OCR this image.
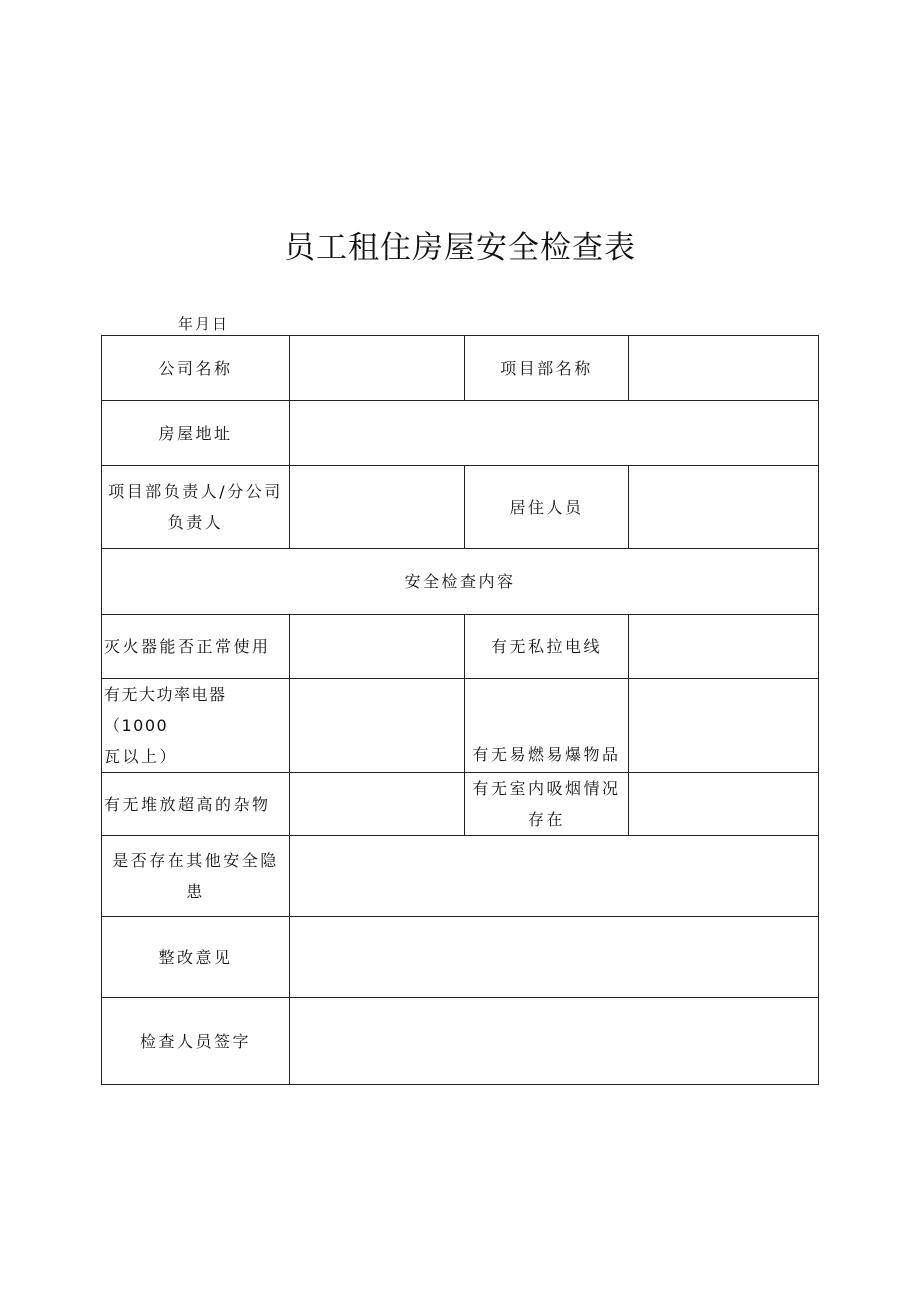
员工租住房屋安全检查表
年月日
公司名称		项目部名称	
房屋地址			

项目部负责人/分公司
负责人		居住人员	
安全检查内容			
灭火器能否正常使用		有无私拉电线	

有无大功率电器（1000
瓦以上）		有无易燃易爆物品	
有无堆放超高的杂物		有无室内吸烟情况
存在	

是否存在其他安全隐
患			

整改意见			
检查人员签字			
